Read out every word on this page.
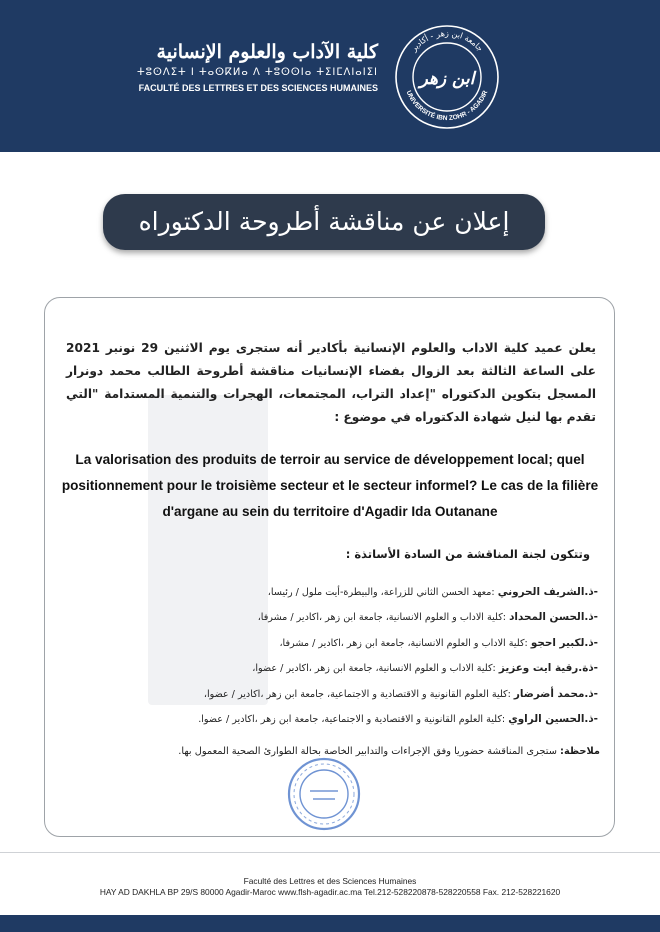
كلية الآداب والعلوم الإنسانية
ⵜⵓⵙⴷⵉⵜ ⵏ ⵜⴰⵙⴽⵍⴰ ⴷ ⵜⵓⵙⵙⵏⴰ ⵜⵉⵏⵎⴷⵏⴰⵏⵉⵏ
FACULTÉ DES LETTRES ET DES SCIENCES HUMAINES
جامعة ابن زهر - أكادير
UNIVERSITÉ IBN ZOHR - AGADIR
ابن زهر
إعلان عن مناقشة أطروحة الدكتوراه
يعلن عميد كلية الاداب والعلوم الإنسانية بأكادير أنه ستجرى يوم الاثنين 29 نونبر 2021 على الساعة الثالثة بعد الزوال بفضاء الإنسانيات مناقشة أطروحة الطالب محمد دونرار المسجل بتكوين الدكتوراه "إعداد التراب، المجتمعات، الهجرات والتنمية المستدامة "التي تقدم بها لنيل شهادة الدكتوراه في موضوع :
La valorisation des produits de terroir au service de développement local; quel positionnement pour le troisième secteur et le secteur informel? Le cas de la filière d'argane au sein du territoire d'Agadir Ida Outanane
وتتكون لجنة المناقشة من السادة الأساتذة :
-ذ.الشريف الحروني :معهد الحسن الثاني للزراعة، والبيطرة-أيت ملول / رئيسا،
-ذ.الحسن المحداد :كلية الاداب و العلوم الانسانية، جامعة ابن زهر ،اكادير / مشرفا،
-ذ.لكبير احجو :كلية الاداب و العلوم الانسانية، جامعة ابن زهر ،اكادير / مشرفا،
-ذة.رقية ايت وعزيز :كلية الاداب و العلوم الانسانية، جامعة ابن زهر ،اكادير / عضوا،
-ذ.محمد أضرضار :كلية العلوم القانونية و الاقتصادية و الاجتماعية، جامعة ابن زهر ،اكادير / عضوا،
-ذ.الحسين الراوي :كلية العلوم القانونية و الاقتصادية و الاجتماعية، جامعة ابن زهر ،اكادير / عضوا.
ملاحظة: ستجرى المناقشة حضوريا وفق الإجراءات والتدابير الخاصة بحالة الطوارئ الصحية المعمول بها.
Faculté des Lettres et des Sciences Humaines
HAY AD DAKHLA BP 29/S 80000 Agadir-Maroc www.flsh-agadir.ac.ma Tel.212-528220878-528220558 Fax. 212-528221620
